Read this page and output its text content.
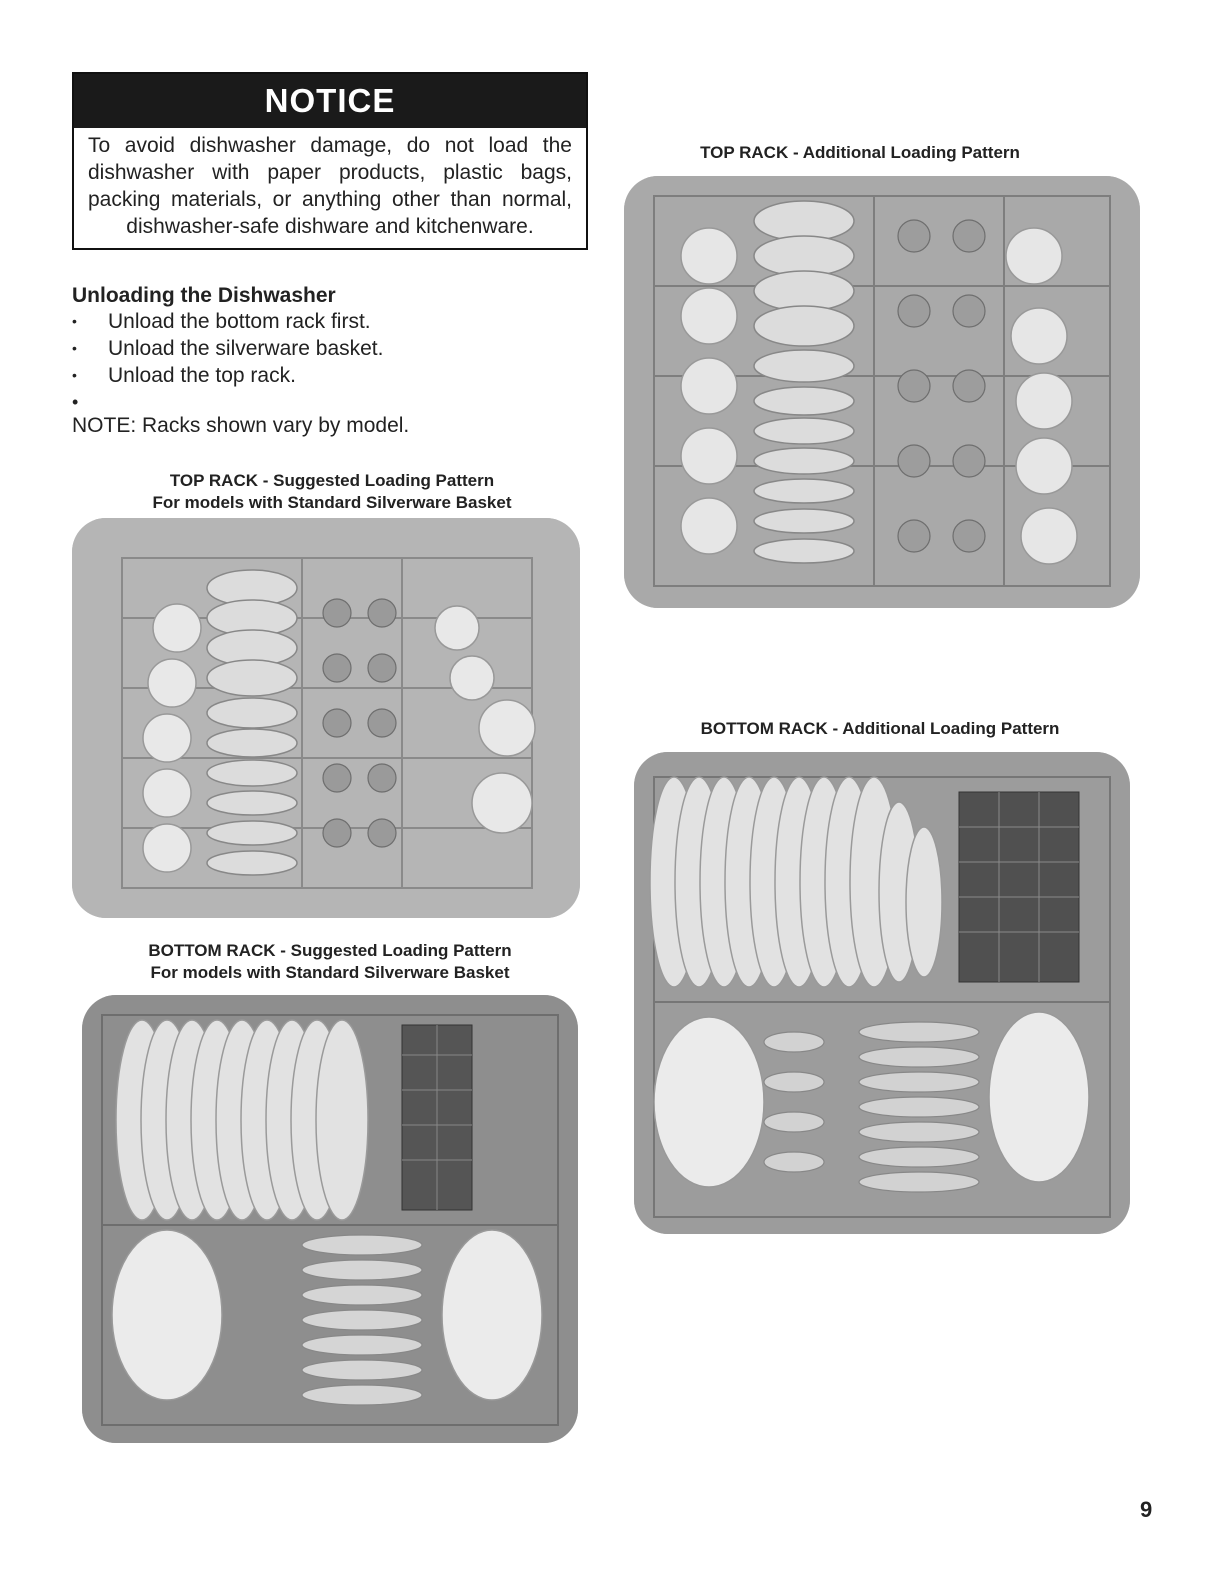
NOTICE
To avoid dishwasher damage, do not load the dishwasher with paper products, plastic bags, packing materials, or anything other than normal, dishwasher-safe dishware and kitchenware.
Unloading the Dishwasher
• Unload the bottom rack first.
• Unload the silverware basket.
• Unload the top rack.
•
NOTE: Racks shown vary by model.
TOP RACK - Suggested Loading Pattern
For models with Standard Silverware Basket
BOTTOM RACK - Suggested Loading Pattern
For models with Standard Silverware Basket
TOP RACK - Additional Loading Pattern
BOTTOM RACK - Additional Loading Pattern
9
